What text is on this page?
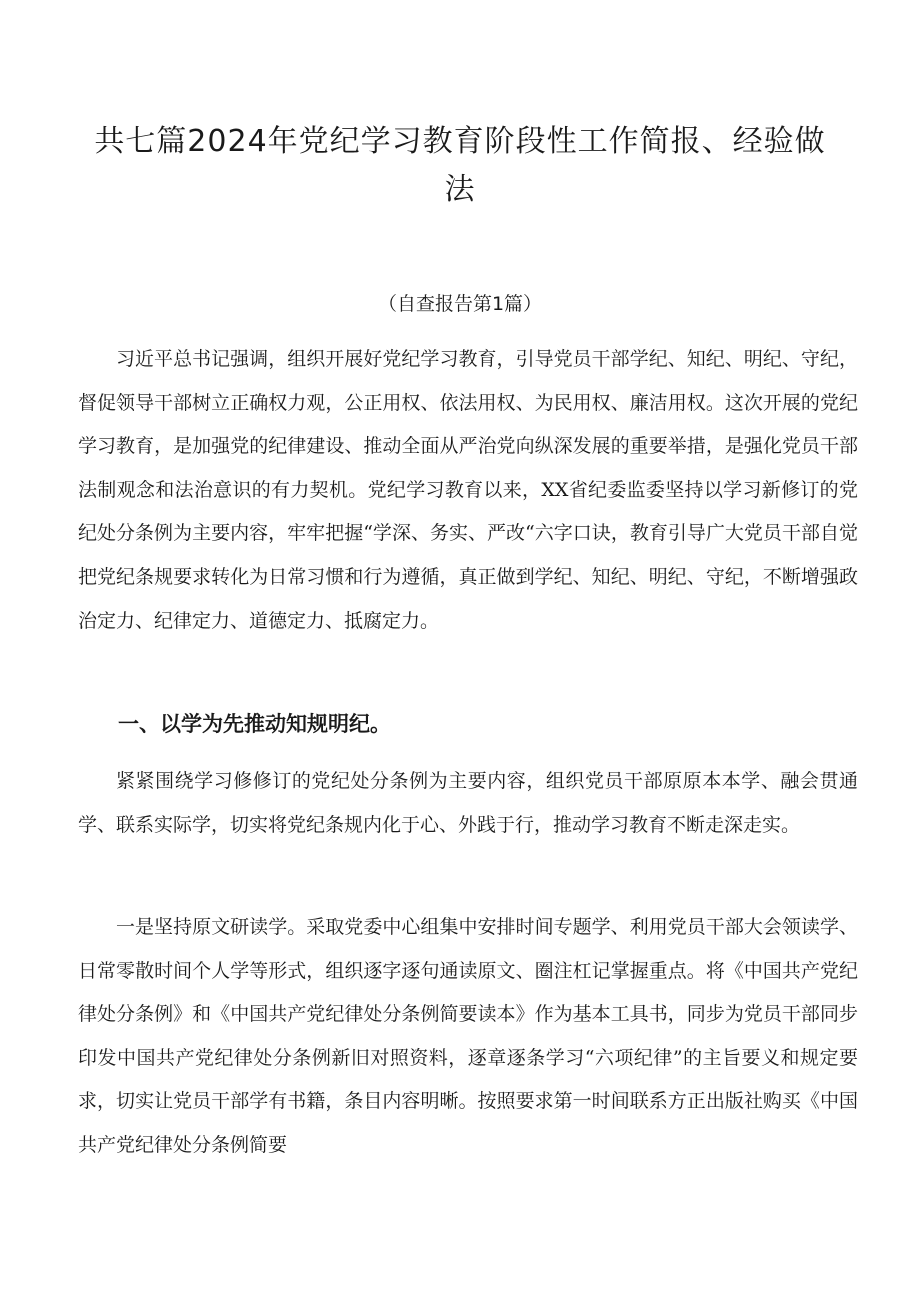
共七篇2024年党纪学习教育阶段性工作简报、经验做法

（自查报告第1篇）

习近平总书记强调，组织开展好党纪学习教育，引导党员干部学纪、知纪、明纪、守纪，督促领导干部树立正确权力观，公正用权、依法用权、为民用权、廉洁用权。这次开展的党纪学习教育，是加强党的纪律建设、推动全面从严治党向纵深发展的重要举措，是强化党员干部法制观念和法治意识的有力契机。党纪学习教育以来，XX省纪委监委坚持以学习新修订的党纪处分条例为主要内容，牢牢把握“学深、务实、严改“六字口诀，教育引导广大党员干部自觉把党纪条规要求转化为日常习惯和行为遵循，真正做到学纪、知纪、明纪、守纪，不断增强政治定力、纪律定力、道德定力、抵腐定力。

一、以学为先推动知规明纪。

紧紧围绕学习修修订的党纪处分条例为主要内容，组织党员干部原原本本学、融会贯通学、联系实际学，切实将党纪条规内化于心、外践于行，推动学习教育不断走深走实。

一是坚持原文研读学。采取党委中心组集中安排时间专题学、利用党员干部大会领读学、日常零散时间个人学等形式，组织逐字逐句通读原文、圈注杠记掌握重点。将《中国共产党纪律处分条例》和《中国共产党纪律处分条例简要读本》作为基本工具书，同步为党员干部同步印发中国共产党纪律处分条例新旧对照资料，逐章逐条学习“六项纪律”的主旨要义和规定要求，切实让党员干部学有书籍，条目内容明晰。按照要求第一时间联系方正出版社购买《中国共产党纪律处分条例简要
